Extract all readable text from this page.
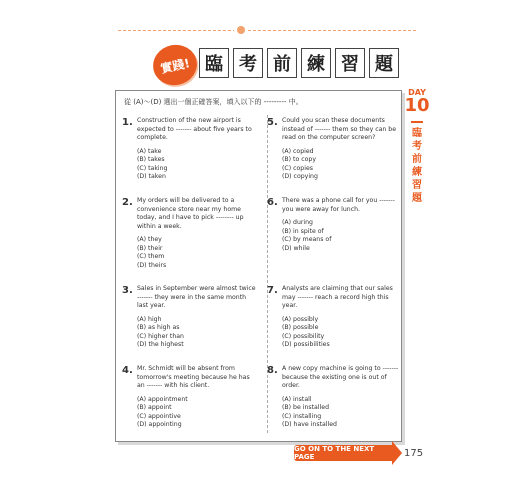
實踐! 臨 考 前 練 習 題
DAY
10
臨考前練習題
從 (A)～(D) 選出一個正確答案，填入以下的 --------- 中。
1. Construction of the new airport is expected to ------- about five years to complete.
(A) take
(B) takes
(C) taking
(D) taken
2. My orders will be delivered to a convenience store near my home today, and I have to pick -------- up within a week.
(A) they
(B) their
(C) them
(D) theirs
3. Sales in September were almost twice ------- they were in the same month last year.
(A) high
(B) as high as
(C) higher than
(D) the highest
4. Mr. Schmidt will be absent from tomorrow's meeting because he has an ------- with his client.
(A) appointment
(B) appoint
(C) appointive
(D) appointing
5. Could you scan these documents instead of ------- them so they can be read on the computer screen?
(A) copied
(B) to copy
(C) copies
(D) copying
6. There was a phone call for you ------- you were away for lunch.
(A) during
(B) in spite of
(C) by means of
(D) while
7. Analysts are claiming that our sales may ------- reach a record high this year.
(A) possibly
(B) possible
(C) possibility
(D) possibilities
8. A new copy machine is going to ------- because the existing one is out of order.
(A) install
(B) be installed
(C) installing
(D) have installed
GO ON TO THE NEXT PAGE	175
